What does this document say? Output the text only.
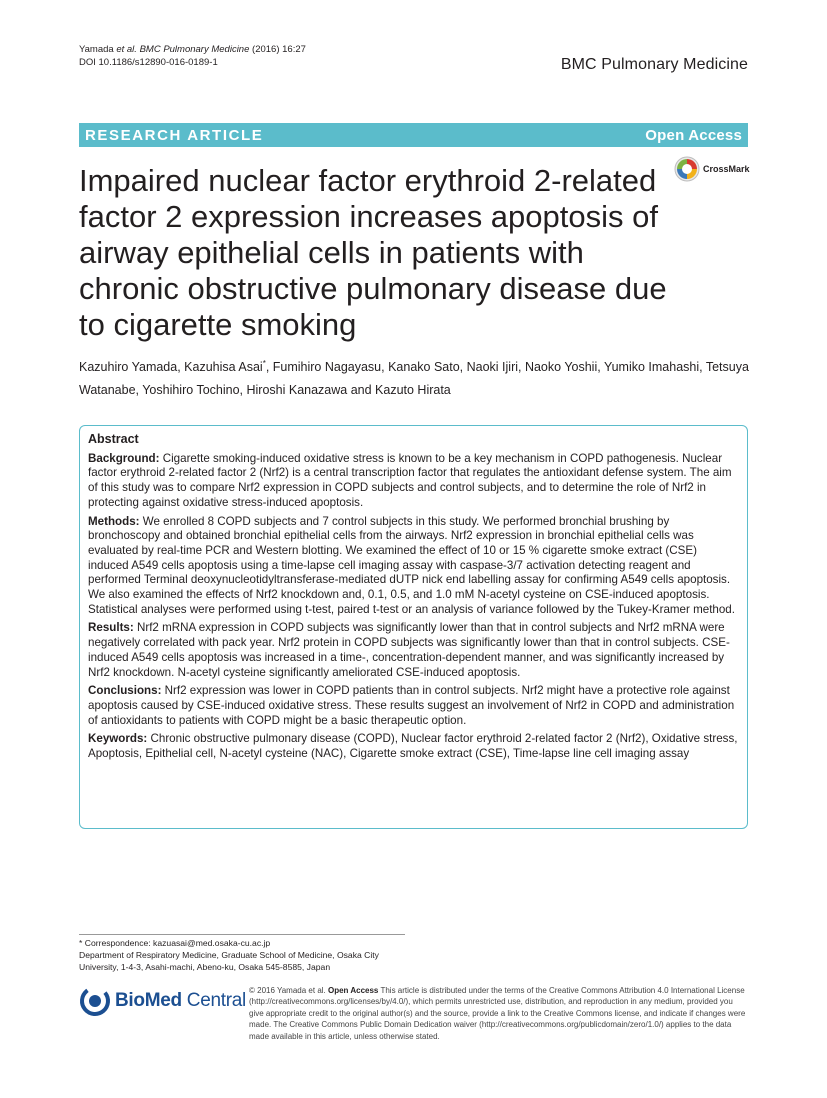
Yamada et al. BMC Pulmonary Medicine (2016) 16:27
DOI 10.1186/s12890-016-0189-1	BMC Pulmonary Medicine
RESEARCH ARTICLE	Open Access
Impaired nuclear factor erythroid 2-related
factor 2 expression increases apoptosis of
airway epithelial cells in patients with
chronic obstructive pulmonary disease due
to cigarette smoking
CrossMark
Kazuhiro Yamada, Kazuhisa Asai*, Fumihiro Nagayasu, Kanako Sato, Naoki Ijiri, Naoko Yoshii, Yumiko Imahashi, Tetsuya Watanabe, Yoshihiro Tochino, Hiroshi Kanazawa and Kazuto Hirata
Abstract

Background: Cigarette smoking-induced oxidative stress is known to be a key mechanism in COPD pathogenesis. Nuclear factor erythroid 2-related factor 2 (Nrf2) is a central transcription factor that regulates the antioxidant defense system. The aim of this study was to compare Nrf2 expression in COPD subjects and control subjects, and to determine the role of Nrf2 in protecting against oxidative stress-induced apoptosis.

Methods: We enrolled 8 COPD subjects and 7 control subjects in this study. We performed bronchial brushing by bronchoscopy and obtained bronchial epithelial cells from the airways. Nrf2 expression in bronchial epithelial cells was evaluated by real-time PCR and Western blotting. We examined the effect of 10 or 15 % cigarette smoke extract (CSE) induced A549 cells apoptosis using a time-lapse cell imaging assay with caspase-3/7 activation detecting reagent and performed Terminal deoxynucleotidyltransferase-mediated dUTP nick end labelling assay for confirming A549 cells apoptosis. We also examined the effects of Nrf2 knockdown and, 0.1, 0.5, and 1.0 mM N-acetyl cysteine on CSE-induced apoptosis. Statistical analyses were performed using t-test, paired t-test or an analysis of variance followed by the Tukey-Kramer method.

Results: Nrf2 mRNA expression in COPD subjects was significantly lower than that in control subjects and Nrf2 mRNA were negatively correlated with pack year. Nrf2 protein in COPD subjects was significantly lower than that in control subjects. CSE-induced A549 cells apoptosis was increased in a time-, concentration-dependent manner, and was significantly increased by Nrf2 knockdown. N-acetyl cysteine significantly ameliorated CSE-induced apoptosis.

Conclusions: Nrf2 expression was lower in COPD patients than in control subjects. Nrf2 might have a protective role against apoptosis caused by CSE-induced oxidative stress. These results suggest an involvement of Nrf2 in COPD and administration of antioxidants to patients with COPD might be a basic therapeutic option.

Keywords: Chronic obstructive pulmonary disease (COPD), Nuclear factor erythroid 2-related factor 2 (Nrf2), Oxidative stress, Apoptosis, Epithelial cell, N-acetyl cysteine (NAC), Cigarette smoke extract (CSE), Time-lapse line cell imaging assay

* Correspondence: kazuasai@med.osaka-cu.ac.jp
Department of Respiratory Medicine, Graduate School of Medicine, Osaka City University, 1-4-3, Asahi-machi, Abeno-ku, Osaka 545-8585, Japan
BioMed Central © 2016 Yamada et al. Open Access This article is distributed under the terms of the Creative Commons Attribution 4.0 International License (http://creativecommons.org/licenses/by/4.0/), which permits unrestricted use, distribution, and reproduction in any medium, provided you give appropriate credit to the original author(s) and the source, provide a link to the Creative Commons license, and indicate if changes were made. The Creative Commons Public Domain Dedication waiver (http://creativecommons.org/publicdomain/zero/1.0/) applies to the data made available in this article, unless otherwise stated.
